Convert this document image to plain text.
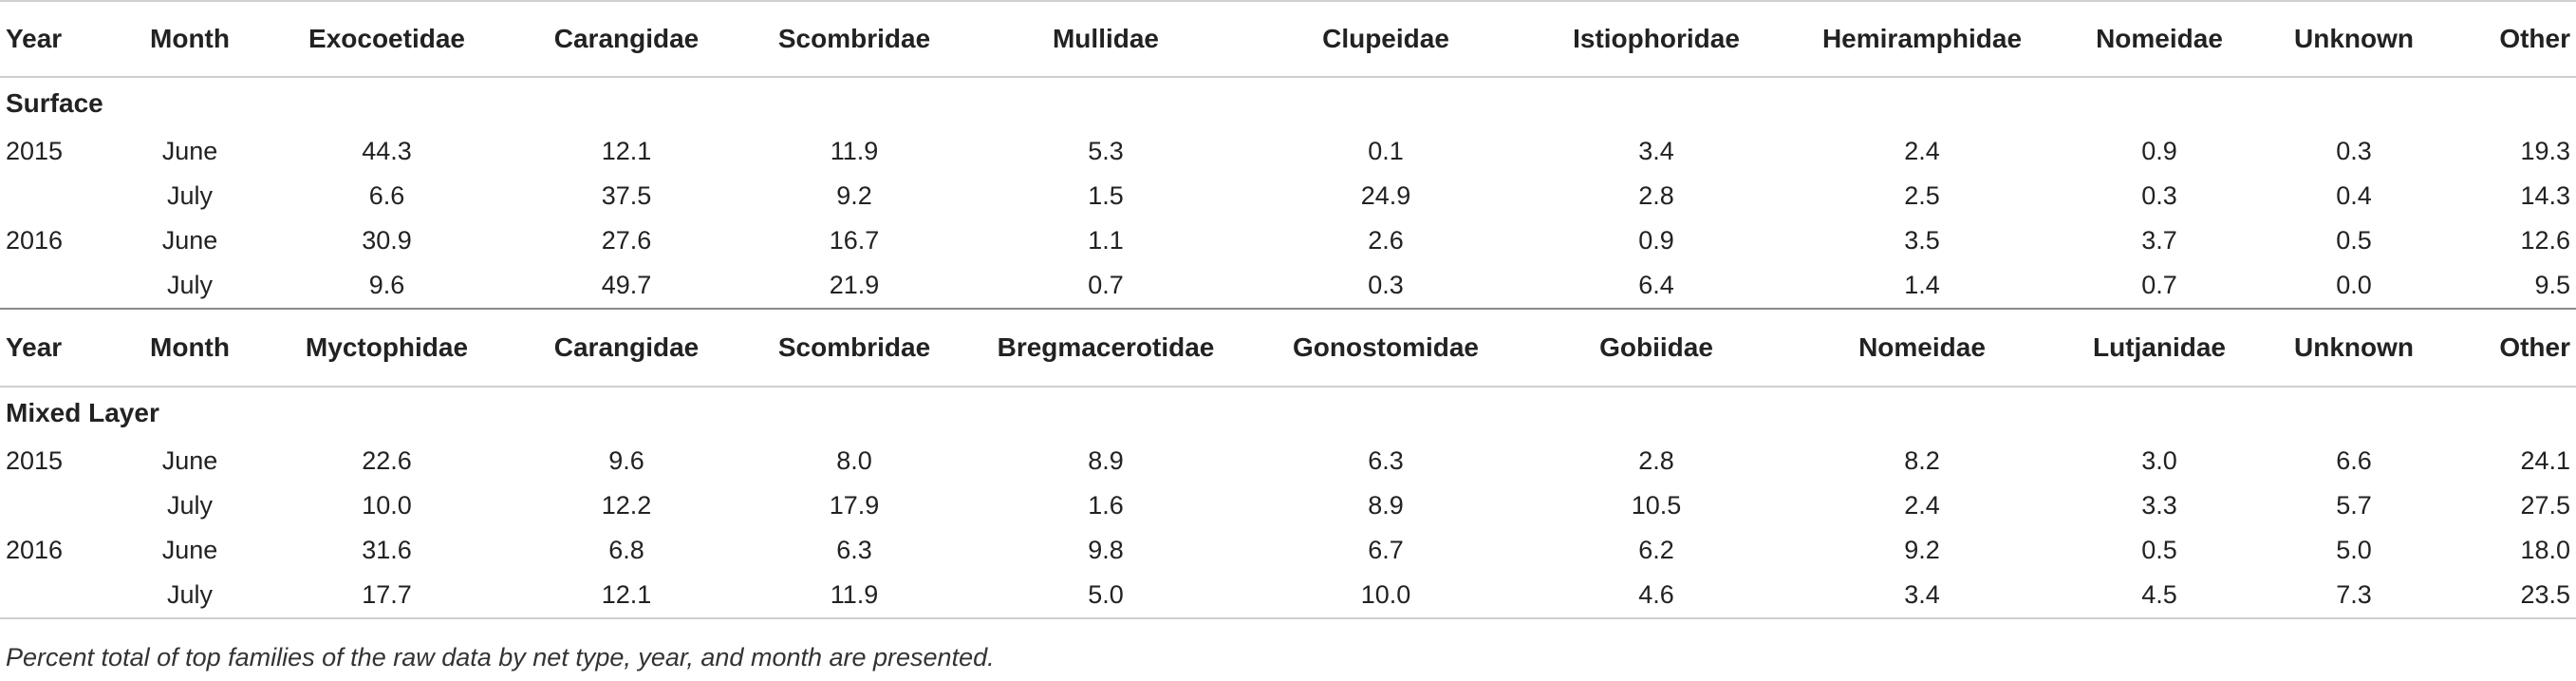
Year	Month	Exocoetidae	Carangidae	Scombridae	Mullidae	Clupeidae	Istiophoridae	Hemiramphidae	Nomeidae	Unknown	Other
Surface											
2015	June	44.3	12.1	11.9	5.3	0.1	3.4	2.4	0.9	0.3	19.3
	July	6.6	37.5	9.2	1.5	24.9	2.8	2.5	0.3	0.4	14.3
2016	June	30.9	27.6	16.7	1.1	2.6	0.9	3.5	3.7	0.5	12.6
	July	9.6	49.7	21.9	0.7	0.3	6.4	1.4	0.7	0.0	9.5
Year	Month	Myctophidae	Carangidae	Scombridae	Bregmacerotidae	Gonostomidae	Gobiidae	Nomeidae	Lutjanidae	Unknown	Other
Mixed Layer											
2015	June	22.6	9.6	8.0	8.9	6.3	2.8	8.2	3.0	6.6	24.1
	July	10.0	12.2	17.9	1.6	8.9	10.5	2.4	3.3	5.7	27.5
2016	June	31.6	6.8	6.3	9.8	6.7	6.2	9.2	0.5	5.0	18.0
	July	17.7	12.1	11.9	5.0	10.0	4.6	3.4	4.5	7.3	23.5
Percent total of top families of the raw data by net type, year, and month are presented.
